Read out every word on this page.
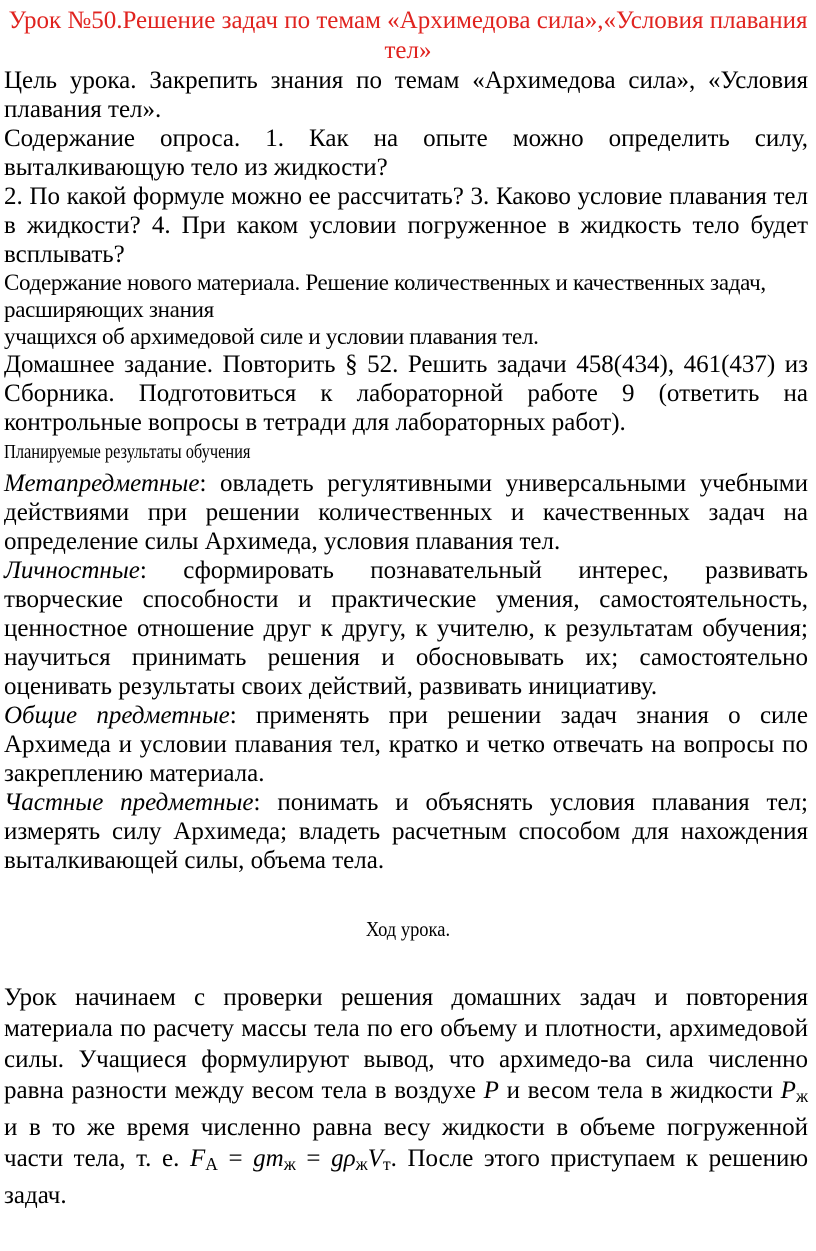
Урок №50.Решение задач по темам «Архимедова сила»,«Условия плавания тел»
Цель урока. Закрепить знания по темам «Архимедова сила», «Условия плавания тел».
Содержание опроса. 1. Как на опыте можно определить силу, выталкивающую тело из жидкости?
2. По какой формуле можно ее рассчитать? 3. Каково условие плавания тел в жидкости? 4. При каком условии погруженное в жидкость тело будет всплывать?
Содержание нового материала. Решение количественных и качественных задач, расширяющих знания
учащихся об архимедовой силе и условии плавания тел.
Домашнее задание. Повторить § 52. Решить задачи 458(434), 461(437) из Сборника. Подготовиться к лабораторной работе 9 (ответить на контрольные вопросы в тетради для лабораторных работ).
Планируемые результаты обучения
Метапредметные: овладеть регулятивными универсальными учебными действиями при решении количественных и качественных задач на определение силы Архимеда, условия плавания тел.
Личностные: сформировать познавательный интерес, развивать творческие способности и практические умения, самостоятельность, ценностное отношение друг к другу, к учителю, к результатам обучения; научиться принимать решения и обосновывать их; самостоятельно оценивать результаты своих действий, развивать инициативу.
Общие предметные: применять при решении задач знания о силе Архимеда и условии плавания тел, кратко и четко отвечать на вопросы по закреплению материала.
Частные предметные: понимать и объяснять условия плавания тел; измерять силу Архимеда; владеть расчетным способом для нахождения выталкивающей силы, объема тела.
Ход урока.
Урок начинаем с проверки решения домашних задач и повторения материала по расчету массы тела по его объему и плотности, архимедовой силы. Учащиеся формулируют вывод, что архимедо-ва сила численно равна разности между весом тела в воздухе P и весом тела в жидкости $P_ж$ и в то же время численно равна весу жидкости в объеме погруженной части тела, т. е. $F_A = gm_ж = g\rho_жV_т$. После этого приступаем к решению задач.
